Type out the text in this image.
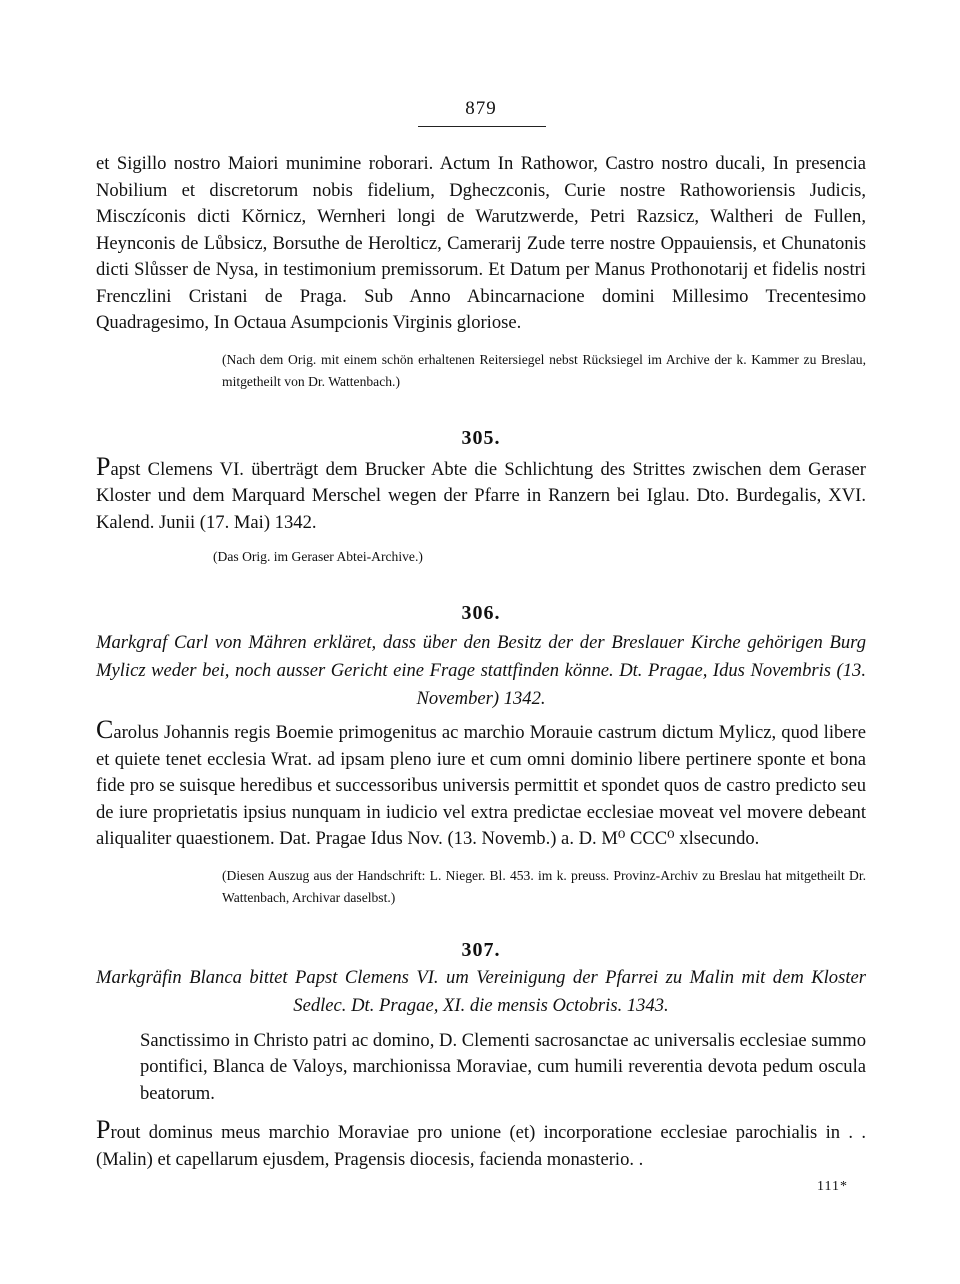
879

et Sigillo nostro Maiori munimine roborari. Actum In Rathowor, Castro nostro ducali, In presencia Nobilium et discretorum nobis fidelium, Dgheczconis, Curie nostre Rathoworiensis Judicis, Misczíconis dicti Kŏrnicz, Wernheri longi de Warutzwerde, Petri Razsicz, Waltheri de Fullen, Heynconis de Lůbsicz, Borsuthe de Herolticz, Camerarij Zude terre nostre Oppauiensis, et Chunatonis dicti Slůsser de Nysa, in testimonium premissorum. Et Datum per Manus Prothonotarij et fidelis nostri Frenczlini Cristani de Praga. Sub Anno Abincarnacione domini Millesimo Trecentesimo Quadragesimo, In Octaua Asumpcionis Virginis gloriose.

(Nach dem Orig. mit einem schön erhaltenen Reitersiegel nebst Rücksiegel im Archive der k. Kammer zu Breslau, mitgetheilt von Dr. Wattenbach.)

305.

Papst Clemens VI. überträgt dem Brucker Abte die Schlichtung des Strittes zwischen dem Geraser Kloster und dem Marquard Merschel wegen der Pfarre in Ranzern bei Iglau. Dto. Burdegalis, XVI. Kalend. Junii (17. Mai) 1342.

(Das Orig. im Geraser Abtei-Archive.)

306.

Markgraf Carl von Mähren erkläret, dass über den Besitz der der Breslauer Kirche gehörigen Burg Mylicz weder bei, noch ausser Gericht eine Frage stattfinden könne. Dt. Pragae, Idus Novembris (13. November) 1342.

Carolus Johannis regis Boemie primogenitus ac marchio Morauie castrum dictum Mylicz, quod libere et quiete tenet ecclesia Wrat. ad ipsam pleno iure et cum omni dominio libere pertinere sponte et bona fide pro se suisque heredibus et successoribus universis permittit et spondet quos de castro predicto seu de iure proprietatis ipsius nunquam in iudicio vel extra predictae ecclesiae moveat vel movere debeant aliqualiter quaestionem. Dat. Pragae Idus Nov. (13. Novemb.) a. D. M⁰ CCC⁰ xlsecundo.

(Diesen Auszug aus der Handschrift: L. Nieger. Bl. 453. im k. preuss. Provinz-Archiv zu Breslau hat mitgetheilt Dr. Wattenbach, Archivar daselbst.)

307.

Markgräfin Blanca bittet Papst Clemens VI. um Vereinigung der Pfarrei zu Malin mit dem Kloster Sedlec. Dt. Pragae, XI. die mensis Octobris. 1343.

Sanctissimo in Christo patri ac domino, D. Clementi sacrosanctae ac universalis ecclesiae summo pontifici, Blanca de Valoys, marchionissa Moraviae, cum humili reverentia devota pedum oscula beatorum.

Prout dominus meus marchio Moraviae pro unione (et) incorporatione ecclesiae parochialis in . . (Malin) et capellarum ejusdem, Pragensis diocesis, facienda monasterio. .

111*
